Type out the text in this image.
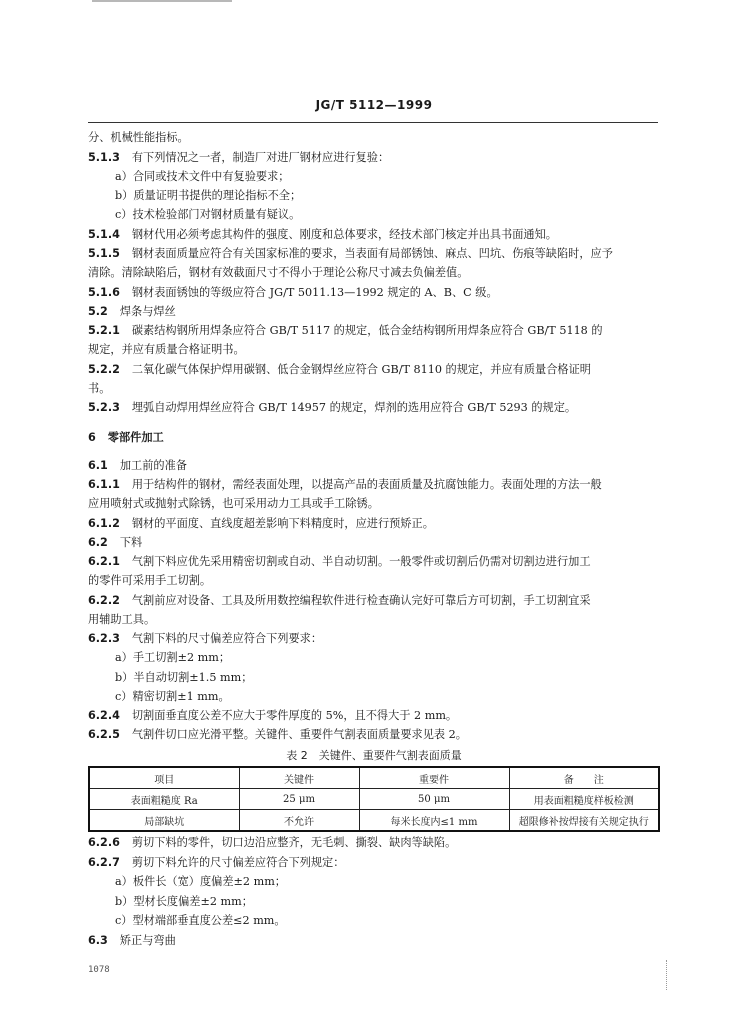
JG/T 5112—1999
分、机械性能指标。
5.1.3 有下列情况之一者，制造厂对进厂钢材应进行复验：
a）合同或技术文件中有复验要求；
b）质量证明书提供的理论指标不全；
c）技术检验部门对钢材质量有疑议。
5.1.4 钢材代用必须考虑其构件的强度、刚度和总体要求，经技术部门核定并出具书面通知。
5.1.5 钢材表面质量应符合有关国家标准的要求，当表面有局部锈蚀、麻点、凹坑、伤痕等缺陷时，应予
清除。清除缺陷后，钢材有效截面尺寸不得小于理论公称尺寸减去负偏差值。
5.1.6 钢材表面锈蚀的等级应符合 JG/T 5011.13—1992 规定的 A、B、C 级。
5.2 焊条与焊丝
5.2.1 碳素结构钢所用焊条应符合 GB/T 5117 的规定，低合金结构钢所用焊条应符合 GB/T 5118 的
规定，并应有质量合格证明书。
5.2.2 二氧化碳气体保护焊用碳钢、低合金钢焊丝应符合 GB/T 8110 的规定，并应有质量合格证明
书。
5.2.3 埋弧自动焊用焊丝应符合 GB/T 14957 的规定，焊剂的选用应符合 GB/T 5293 的规定。
6 零部件加工
6.1 加工前的准备
6.1.1 用于结构件的钢材，需经表面处理，以提高产品的表面质量及抗腐蚀能力。表面处理的方法一般
应用喷射式或抛射式除锈，也可采用动力工具或手工除锈。
6.1.2 钢材的平面度、直线度超差影响下料精度时，应进行预矫正。
6.2 下料
6.2.1 气割下料应优先采用精密切割或自动、半自动切割。一般零件或切割后仍需对切割边进行加工
的零件可采用手工切割。
6.2.2 气割前应对设备、工具及所用数控编程软件进行检查确认完好可靠后方可切割，手工切割宜采
用辅助工具。
6.2.3 气割下料的尺寸偏差应符合下列要求：
a）手工切割±2 mm；
b）半自动切割±1.5 mm；
c）精密切割±1 mm。
6.2.4 切割面垂直度公差不应大于零件厚度的 5%，且不得大于 2 mm。
6.2.5 气割件切口应光滑平整。关键件、重要件气割表面质量要求见表 2。
6.2.6 剪切下料的零件，切口边沿应整齐，无毛刺、撕裂、缺肉等缺陷。
6.2.7 剪切下料允许的尺寸偏差应符合下列规定：
a）板件长（宽）度偏差±2 mm；
b）型材长度偏差±2 mm；
c）型材端部垂直度公差≤2 mm。
6.3 矫正与弯曲
表 2　关键件、重要件气割表面质量
项目	关键件	重要件	备　　注
表面粗糙度 Ra	25 μm	50 μm	用表面粗糙度样板检测
局部缺坑	不允许	每米长度内≤1 mm	超限修补按焊接有关规定执行
1078
